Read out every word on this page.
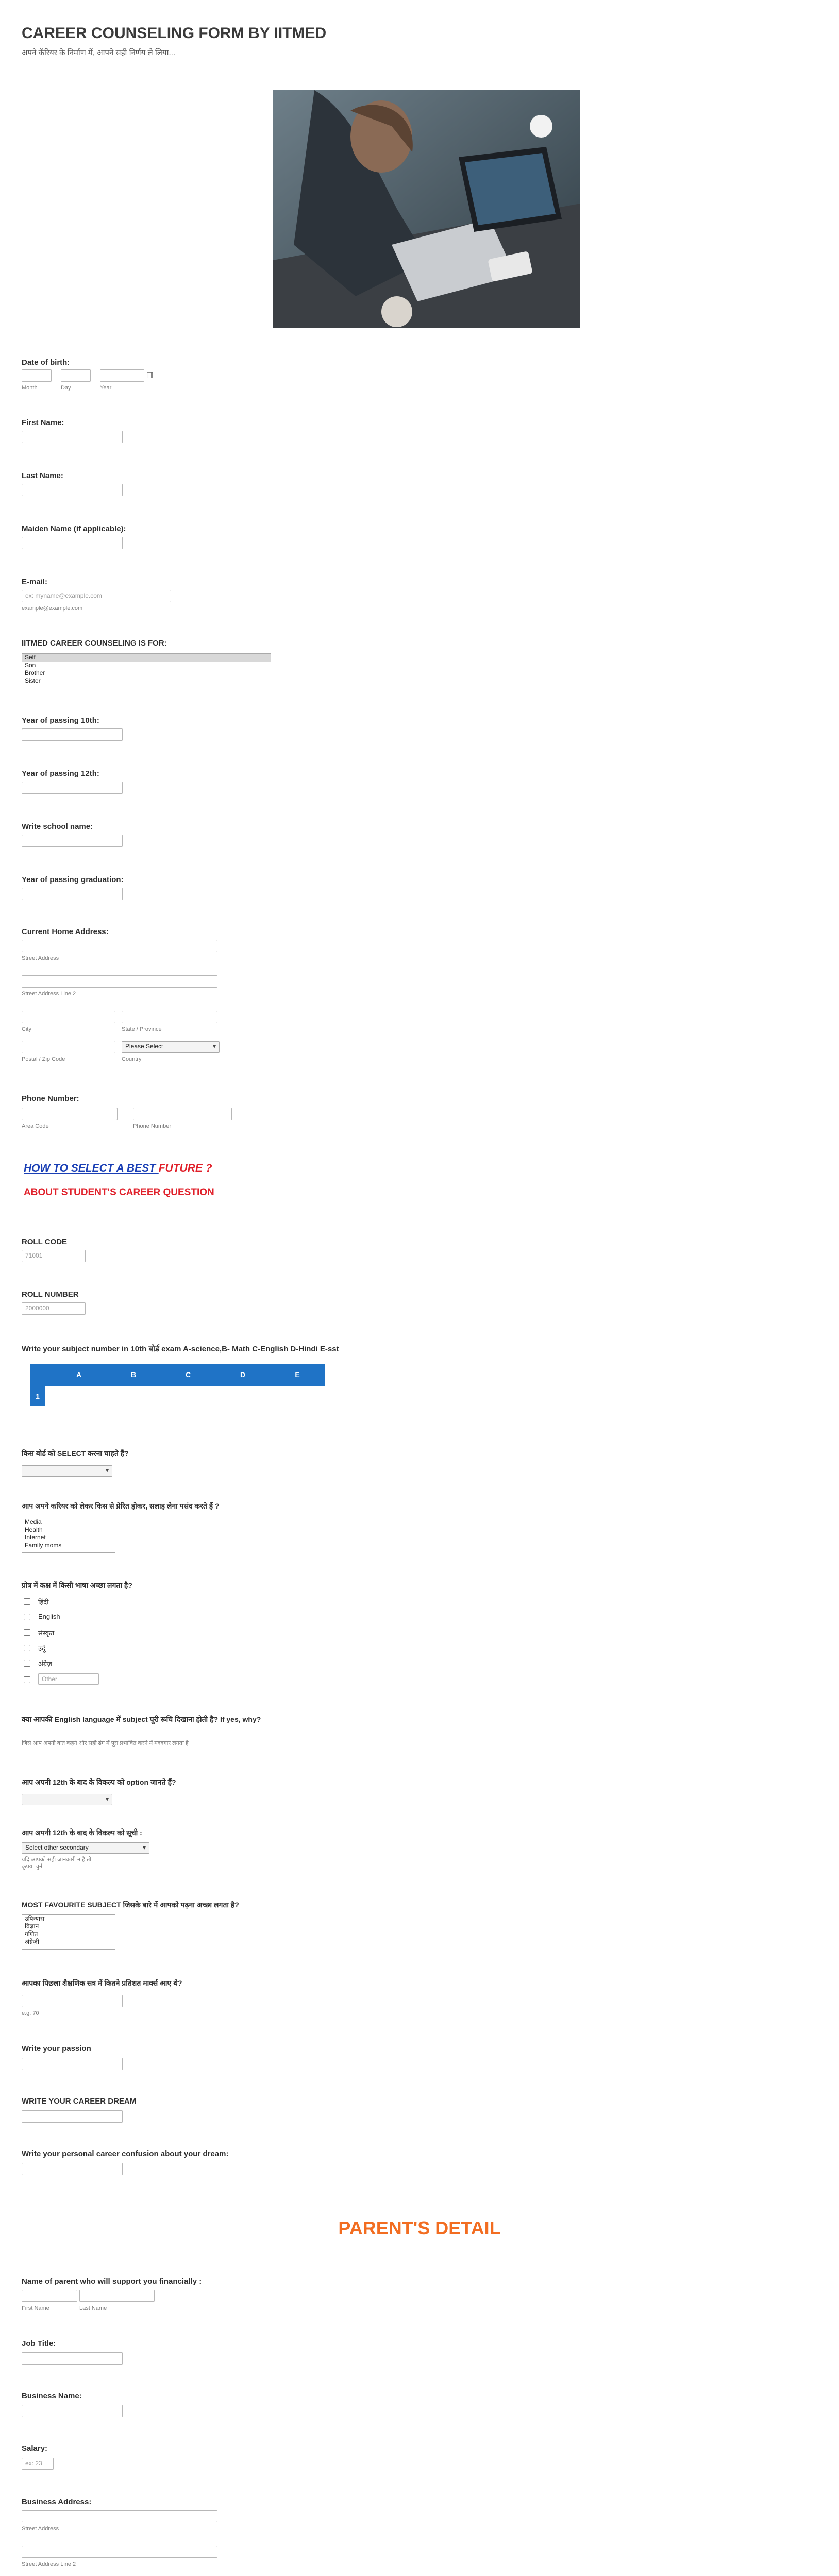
CAREER COUNSELING FORM BY IITMED
अपने कॅरियर के निर्माण में, आपने सही निर्णय ले लिया...
Date of birth:
▦
Month	Day	Year
First Name:
Last Name:
Maiden Name (if applicable):
E-mail:
ex: myname@example.com
example@example.com
IITMED CAREER COUNSELING IS FOR:
Self
Son
Brother
Sister
Year of passing 10th:
Year of passing 12th:
Write school name:
Year of passing graduation:
Current Home Address:
Street Address
Street Address Line 2
City	State / Province
Please Select ▾
Postal / Zip Code	Country
Phone Number:
Area Code	Phone Number
HOW TO SELECT A BEST FUTURE ?
ABOUT STUDENT'S CAREER QUESTION
ROLL CODE
71001
ROLL NUMBER
2000000
Write your subject number in 10th बोर्ड exam A-science,B- Math C-English D-Hindi E-sst
A	B	C	D	E
1
किस बोर्ड को SELECT करना चाहते हैं?
▾
आप अपने करियर को लेकर किस से प्रेरित होकर, सलाह लेना पसंद करते हैं ?
Media
Health
Internet
Family moms
प्रोत्र में कक्ष में किसी भाषा अच्छा लगता है?
हिंदी
English
संस्कृत
उर्दू
अंग्रेज़
Other
क्या आपकी English language में subject पूरी रूचि दिखाना होती है? If yes, why?
जिसे आप अपनी बात कहने और सही ढंग में पूरा प्रभावित करने में मददगार लगता है
आप अपनी 12th के बाद के विकल्प को option जानते हैं?
▾
आप अपनी 12th के बाद के विकल्प को सूची :
Select other secondary ▾
यदि आपको सही जानकारी न है तो कृपया चुनें
MOST FAVOURITE SUBJECT जिसके बारे में आपको पढ़ना अच्छा लगता है?
उपिन्यास
विज्ञान
गणित
अंग्रेज़ी
आपका पिछला शैक्षणिक सत्र में कितने प्रतिशत मार्क्स आए थे?
e.g. 70
Write your passion
WRITE YOUR CAREER DREAM
Write your personal career confusion about your dream:
PARENT'S DETAIL
Name of parent who will support you financially :
First Name	Last Name
Job Title:
Business Name:
Salary:
ex: 23
Business Address:
Street Address
Street Address Line 2
